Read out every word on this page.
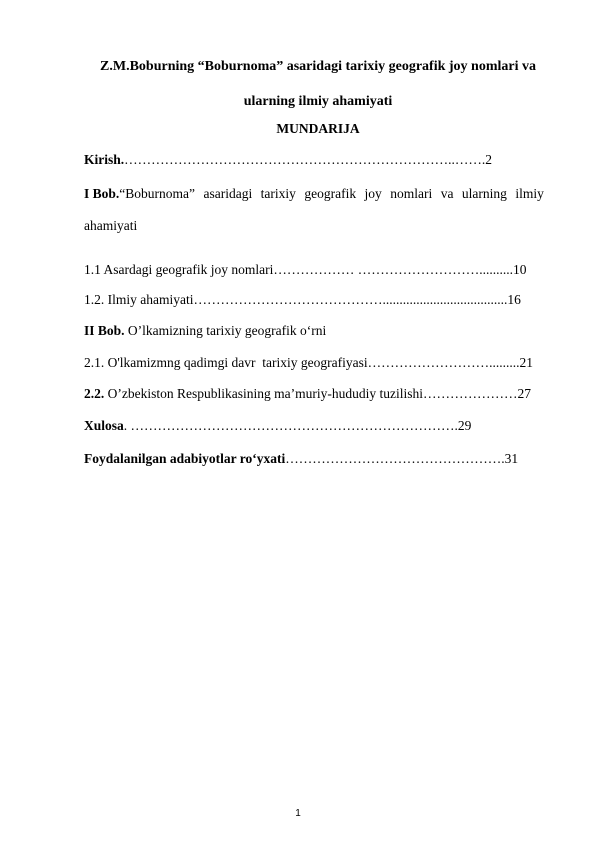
Z.M.Boburning “Boburnoma” asaridagi tarixiy geografik joy nomlari va
ularning ilmiy ahamiyati
MUNDARIJA
Kirish.………………………………………………………………..…….2
I Bob.“Boburnoma” asaridagi tarixiy geografik joy nomlari va ularning ilmiy
ahamiyati
1.1 Asardagi geografik joy nomlari……………… ………………………..........10
1.2. Ilmiy ahamiyati…………………………………….....................................16
II Bob. O’lkamizning tarixiy geografik o‘rni
2.1. O'lkamizmng qadimgi davr  tarixiy geografiyasi……………………….........21
2.2. O’zbekiston Respublikasining ma’muriy-hududiy tuzilishi…………………27
Xulosa. ……………………………………………………………….29
Foydalanilgan adabiyotlar ro‘yxati………………………………………….31
1
